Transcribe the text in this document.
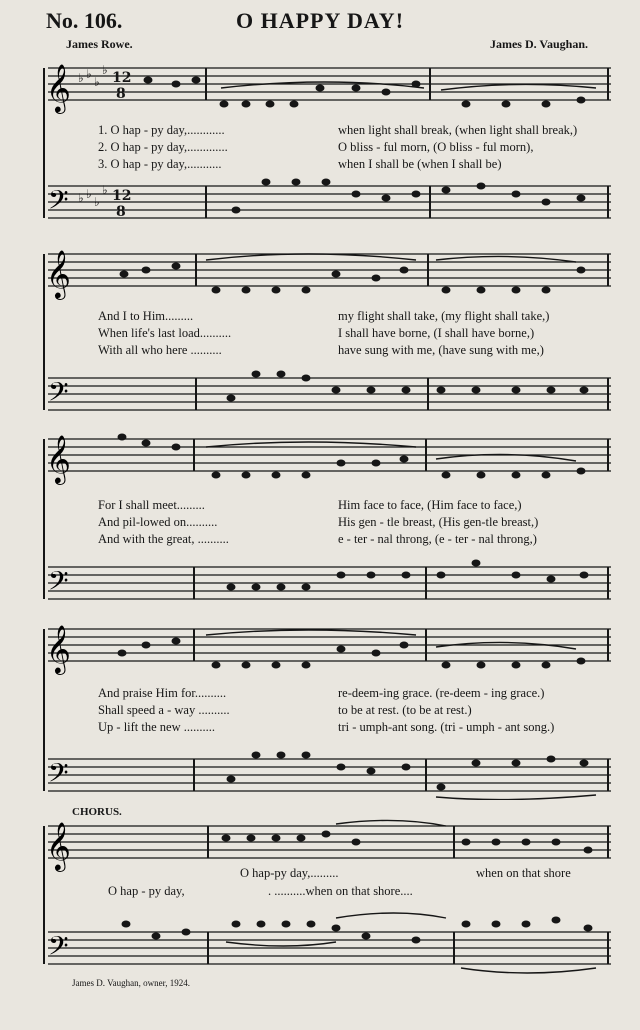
No. 106.	O HAPPY DAY!
James Rowe.	James D. Vaughan.
𝄞
𝄢
♭ ♭
♭
♭
♭ ♭
♭
♭
12
8
12
8
1. O hap - py day,............	when light shall break, (when light shall break,)
2. O hap - py day,.............	O bliss - ful morn, (O bliss - ful morn),
3. O hap - py day,...........	when I shall be (when I shall be)
𝄞
𝄢
And I to Him.........	my flight shall take, (my flight shall take,)
When life's last load..........	I shall have borne, (I shall have borne,)
With all who here ..........	have sung with me, (have sung with me,)
𝄞
𝄢
For I shall meet.........	Him face to face, (Him face to face,)
And pil-lowed on..........	His gen - tle breast, (His gen-tle breast,)
And with the great, ..........	e - ter - nal throng, (e - ter - nal throng,)
𝄞
𝄢
And praise Him for..........	re-deem-ing grace. (re-deem - ing grace.)
Shall speed a - way ..........	to be at rest. (to be at rest.)
Up - lift the new ..........	tri - umph-ant song. (tri - umph - ant song.)
CHORUS.
𝄞
𝄢
O hap-py day,.........	when on that shore
O hap - py day,	. ..........when on that shore....
James D. Vaughan, owner, 1924.
